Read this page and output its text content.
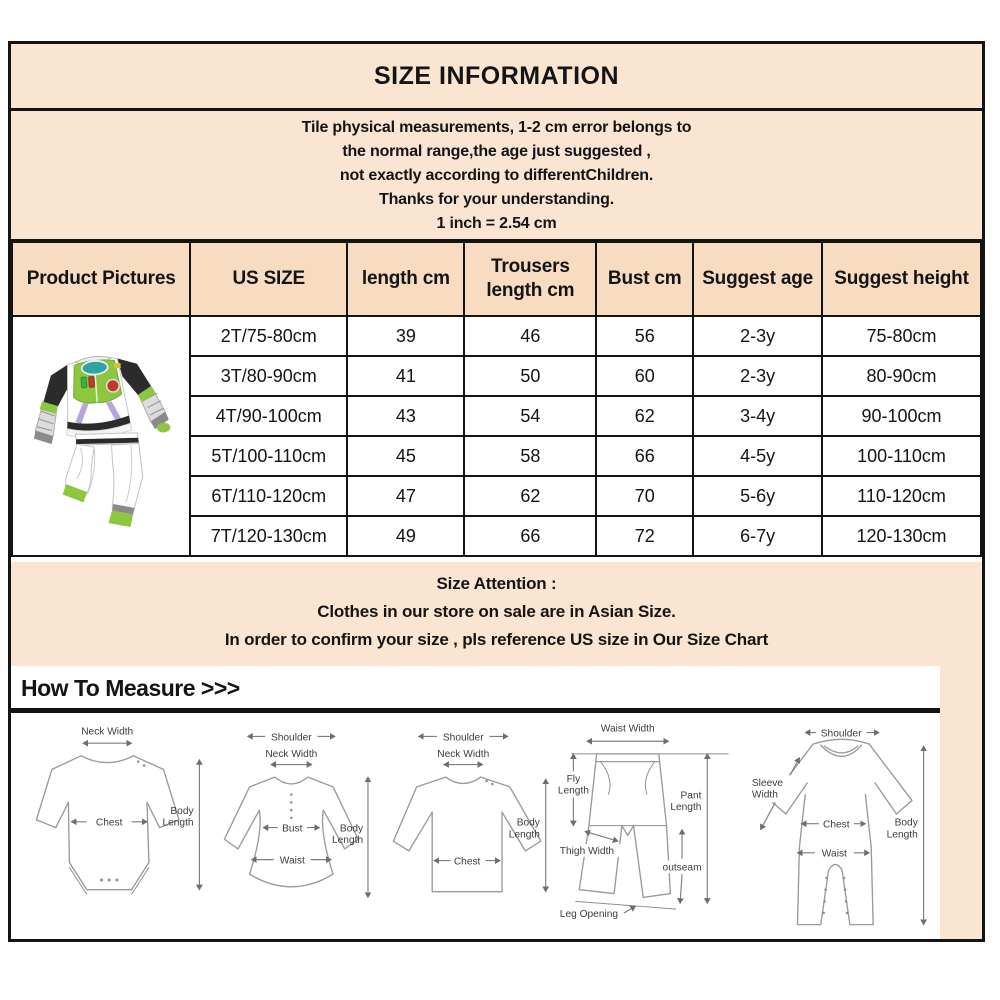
SIZE INFORMATION
Tile physical measurements, 1-2 cm error belongs to
the normal range,the age just suggested ,
not exactly according to differentChildren.
Thanks for your understanding.
1 inch = 2.54 cm
Product Pictures	US SIZE	length cm	Trousers length cm	Bust cm	Suggest age	Suggest height
	2T/75-80cm	39	46	56	2-3y	75-80cm
	3T/80-90cm	41	50	60	2-3y	80-90cm
	4T/90-100cm	43	54	62	3-4y	90-100cm
	5T/100-110cm	45	58	66	4-5y	100-110cm
	6T/110-120cm	47	62	70	5-6y	110-120cm
	7T/120-130cm	49	66	72	6-7y	120-130cm
Size Attention :
Clothes in our store on sale are in Asian Size.
In order to confirm your size , pls reference US size in Our Size Chart
How To Measure >>>
Neck Width
Chest
Body Length
Shoulder
Neck Width
Bust
Waist
Body Length
Shoulder
Neck Width
Chest
Body Length
Waist Width
Fly Length
Thigh Width
Leg Opening
Pant Length
outseam
Shoulder
Sleeve Width
Chest
Waist
Body Length
